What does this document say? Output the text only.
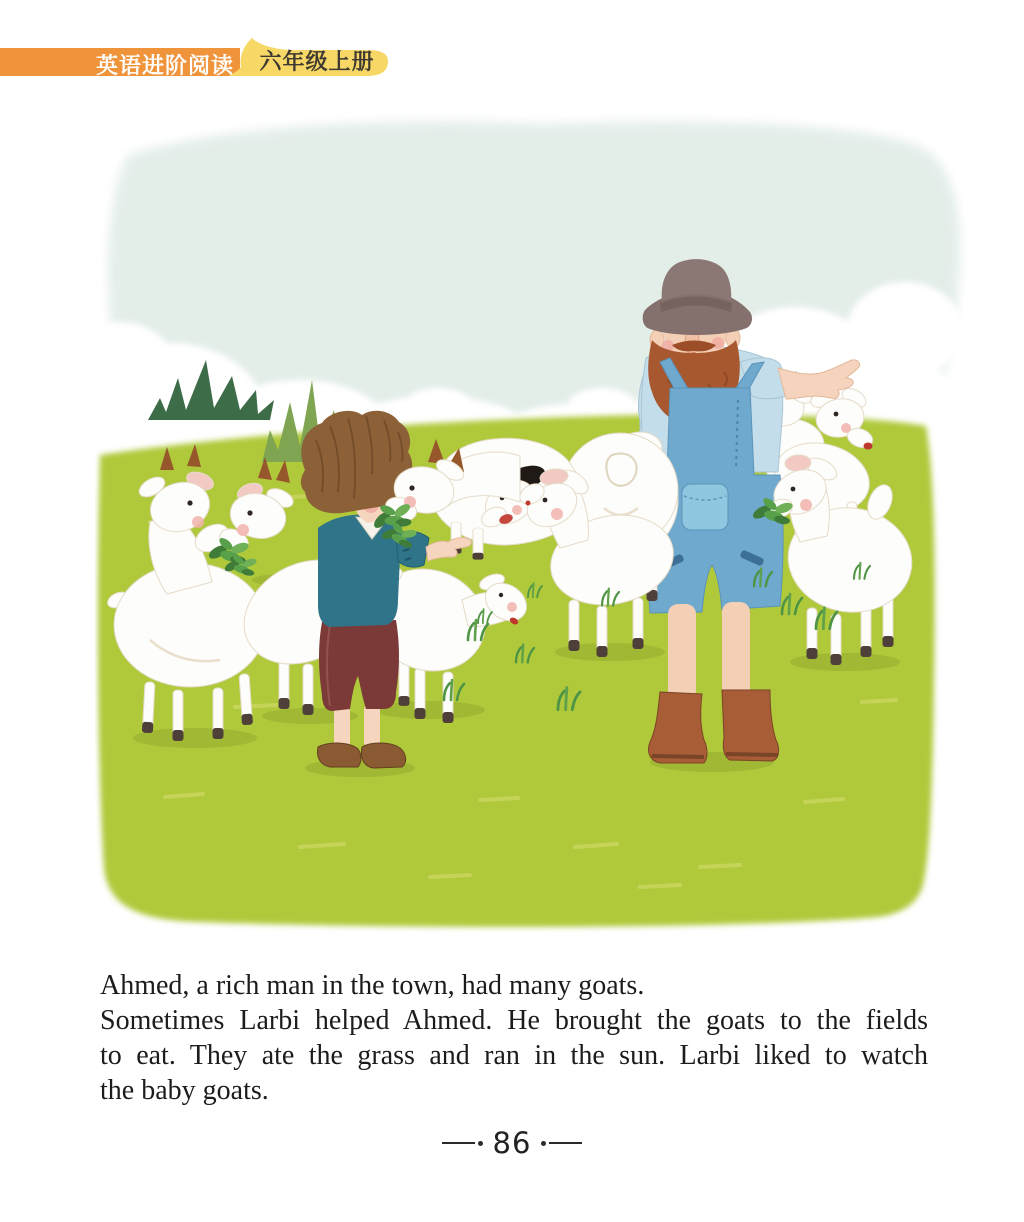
英语进阶阅读	六年级上册
Ahmed, a rich man in the town, had many goats.
Sometimes Larbi helped Ahmed. He brought the goats to the fields
to eat. They ate the grass and ran in the sun. Larbi liked to watch
the baby goats.
86
